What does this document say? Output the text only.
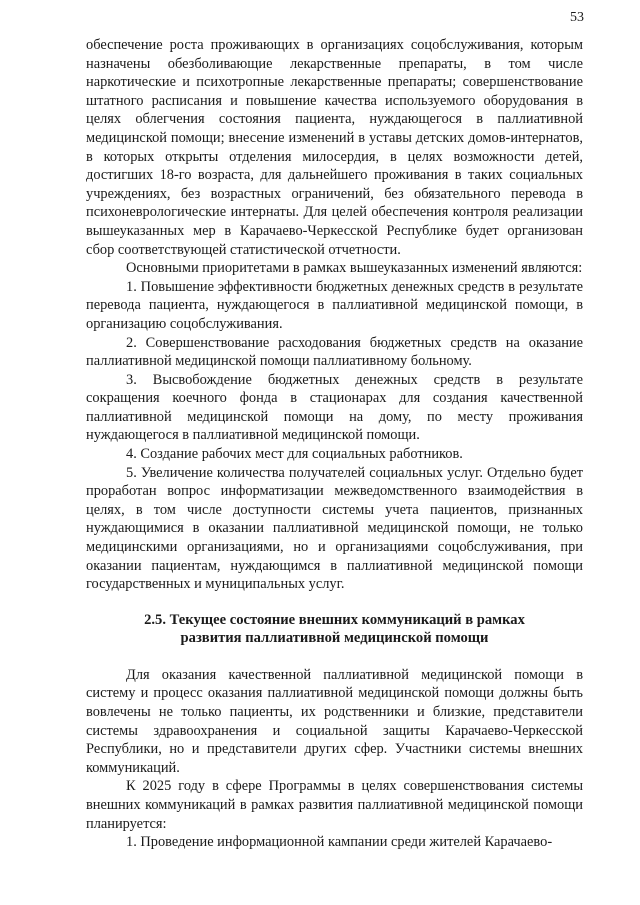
53

обеспечение роста проживающих в организациях соцобслуживания, которым назначены обезболивающие лекарственные препараты, в том числе наркотические и психотропные лекарственные препараты; совершенствование штатного расписания и повышение качества используемого оборудования в целях облегчения состояния пациента, нуждающегося в паллиативной медицинской помощи; внесение изменений в уставы детских домов-интернатов, в которых открыты отделения милосердия, в целях возможности детей, достигших 18-го возраста, для дальнейшего проживания в таких социальных учреждениях, без возрастных ограничений, без обязательного перевода в психоневрологические интернаты. Для целей обеспечения контроля реализации вышеуказанных мер в Карачаево-Черкесской Республике будет организован сбор соответствующей статистической отчетности.

Основными приоритетами в рамках вышеуказанных изменений являются:

1. Повышение эффективности бюджетных денежных средств в результате перевода пациента, нуждающегося в паллиативной медицинской помощи, в организацию соцобслуживания.

2. Совершенствование расходования бюджетных средств на оказание паллиативной медицинской помощи паллиативному больному.

3. Высвобождение бюджетных денежных средств в результате сокращения коечного фонда в стационарах для создания качественной паллиативной медицинской помощи на дому, по месту проживания нуждающегося в паллиативной медицинской помощи.

4. Создание рабочих мест для социальных работников.

5. Увеличение количества получателей социальных услуг. Отдельно будет проработан вопрос информатизации межведомственного взаимодействия в целях, в том числе доступности системы учета пациентов, признанных нуждающимися в оказании паллиативной медицинской помощи, не только медицинскими организациями, но и организациями соцобслуживания, при оказании пациентам, нуждающимся в паллиативной медицинской помощи государственных и муниципальных услуг.

2.5. Текущее состояние внешних коммуникаций в рамках
развития паллиативной медицинской помощи

Для оказания качественной паллиативной медицинской помощи в систему и процесс оказания паллиативной медицинской помощи должны быть вовлечены не только пациенты, их родственники и близкие, представители системы здравоохранения и социальной защиты Карачаево-Черкесской Республики, но и представители других сфер. Участники системы внешних коммуникаций.

К 2025 году в сфере Программы в целях совершенствования системы внешних коммуникаций в рамках развития паллиативной медицинской помощи планируется:

1. Проведение информационной кампании среди жителей Карачаево-
